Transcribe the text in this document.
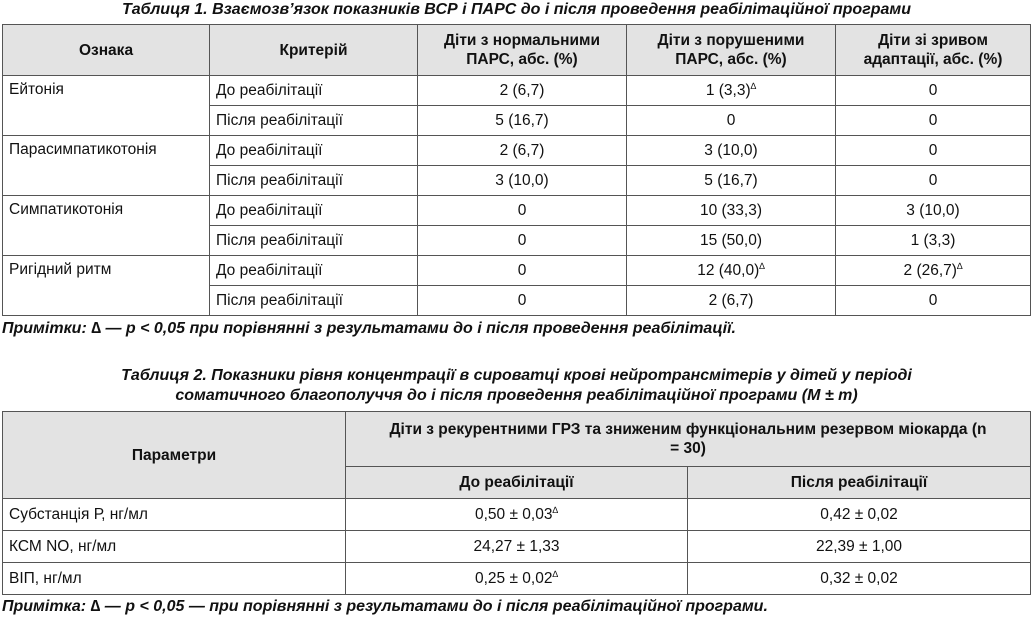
Таблиця 1. Взаємозв’язок показників ВСР і ПАРС до і після проведення реабілітаційної програми
Ознака	Критерій	Діти з нормальними ПАРС, абс. (%)	Діти з порушеними ПАРС, абс. (%)	Діти зі зривом адаптації, абс. (%)
Ейтонія	До реабілітації	2 (6,7)	1 (3,3)∆	0
	Після реабілітації	5 (16,7)	0	0
Парасимпатикотонія	До реабілітації	2 (6,7)	3 (10,0)	0
	Після реабілітації	3 (10,0)	5 (16,7)	0
Симпатикотонія	До реабілітації	0	10 (33,3)	3 (10,0)
	Після реабілітації	0	15 (50,0)	1 (3,3)
Ригідний ритм	До реабілітації	0	12 (40,0)∆	2 (26,7)∆
	Після реабілітації	0	2 (6,7)	0
Примітки: ∆ — р < 0,05 при порівнянні з результатами до і після проведення реабілітації.
Таблиця 2. Показники рівня концентрації в сироватці крові нейротрансмітерів у дітей у періоді
соматичного благополуччя до і після проведення реабілітаційної програми (M ± m)
Параметри	Діти з рекурентними ГРЗ та зниженим функціональним резервом міокарда (n = 30)	
	До реабілітації	Після реабілітації
Субстанція Р, нг/мл	0,50 ± 0,03∆	0,42 ± 0,02
КСМ NO, нг/мл	24,27 ± 1,33	22,39 ± 1,00
ВІП, нг/мл	0,25 ± 0,02∆	0,32 ± 0,02
Примітка: ∆ — р < 0,05 — при порівнянні з результатами до і після реабілітаційної програми.
